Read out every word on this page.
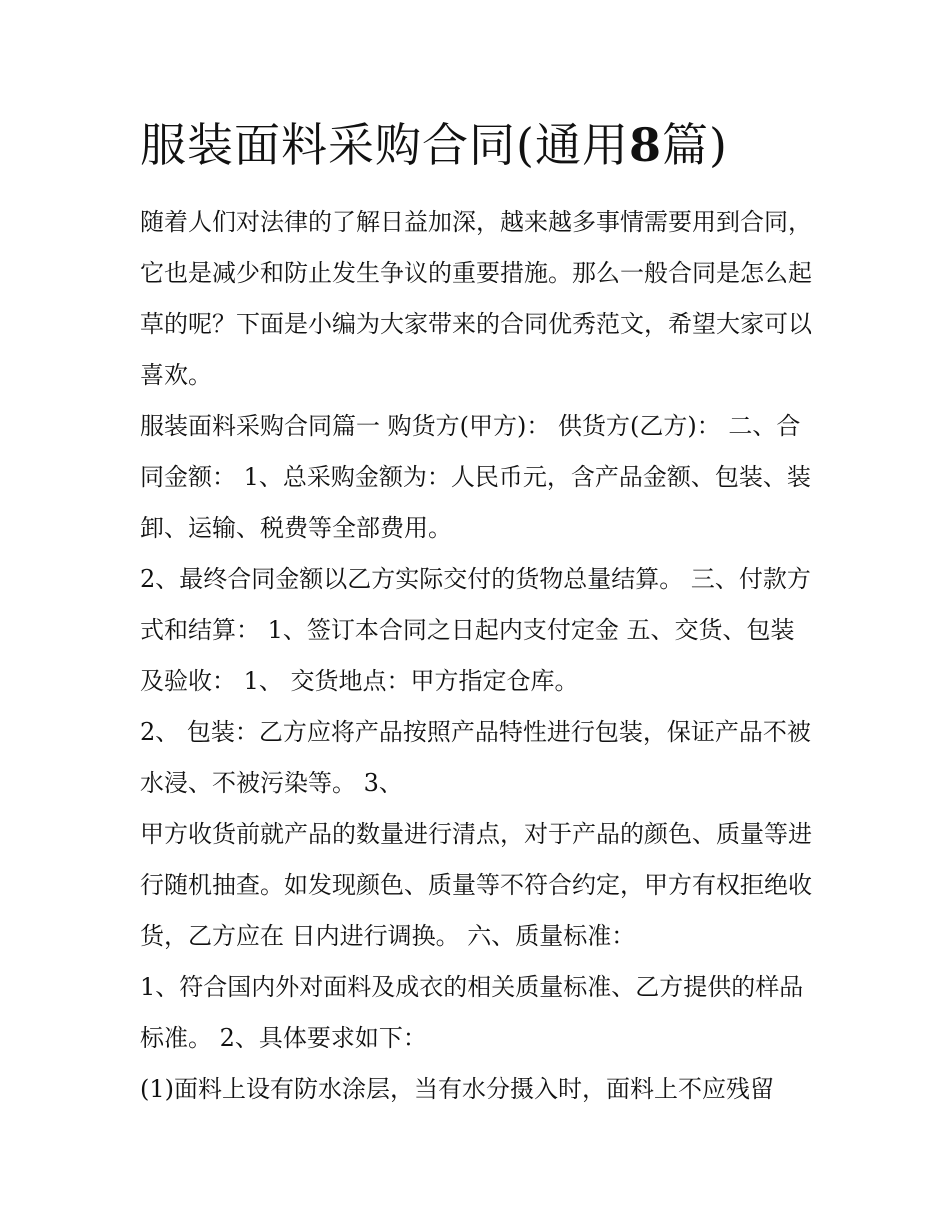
服装面料采购合同(通用8篇)

随着人们对法律的了解日益加深，越来越多事情需要用到合同，它也是减少和防止发生争议的重要措施。那么一般合同是怎么起草的呢？下面是小编为大家带来的合同优秀范文，希望大家可以喜欢。

服装面料采购合同篇一 购货方(甲方)： 供货方(乙方)： 二、合同金额： 1、总采购金额为：人民币元，含产品金额、包装、装卸、运输、税费等全部费用。

2、最终合同金额以乙方实际交付的货物总量结算。 三、付款方式和结算： 1、签订本合同之日起内支付定金 五、交货、包装及验收： 1、 交货地点：甲方指定仓库。

2、 包装：乙方应将产品按照产品特性进行包装，保证产品不被水浸、不被污染等。 3、

甲方收货前就产品的数量进行清点，对于产品的颜色、质量等进行随机抽查。如发现颜色、质量等不符合约定，甲方有权拒绝收货，乙方应在 日内进行调换。 六、质量标准：

1、符合国内外对面料及成衣的相关质量标准、乙方提供的样品标准。 2、具体要求如下：

(1)面料上设有防水涂层，当有水分摄入时，面料上不应残留
